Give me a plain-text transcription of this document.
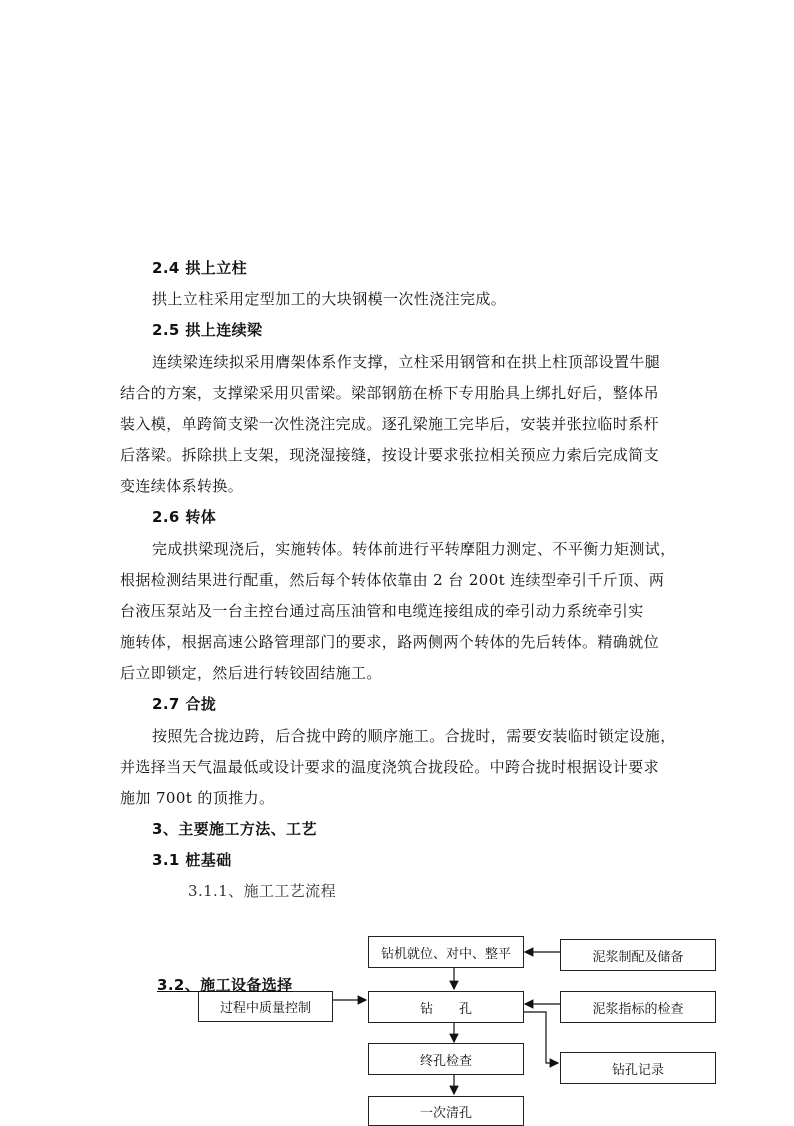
2.4 拱上立柱
拱上立柱采用定型加工的大块钢模一次性浇注完成。
2.5 拱上连续梁
连续梁连续拟采用膺架体系作支撑，立柱采用钢管和在拱上柱顶部设置牛腿
结合的方案，支撑梁采用贝雷梁。梁部钢筋在桥下专用胎具上绑扎好后，整体吊
装入模，单跨简支梁一次性浇注完成。逐孔梁施工完毕后，安装并张拉临时系杆
后落梁。拆除拱上支架，现浇湿接缝，按设计要求张拉相关预应力索后完成简支
变连续体系转换。
2.6 转体
完成拱梁现浇后，实施转体。转体前进行平转摩阻力测定、不平衡力矩测试，
根据检测结果进行配重，然后每个转体依靠由 2 台 200t 连续型牵引千斤顶、两
台液压泵站及一台主控台通过高压油管和电缆连接组成的牵引动力系统牵引实
施转体，根据高速公路管理部门的要求，路两侧两个转体的先后转体。精确就位
后立即锁定，然后进行转铰固结施工。
2.7 合拢
按照先合拢边跨，后合拢中跨的顺序施工。合拢时，需要安装临时锁定设施，
并选择当天气温最低或设计要求的温度浇筑合拢段砼。中跨合拢时根据设计要求
施加 700t 的顶推力。
3、主要施工方法、工艺
3.1 桩基础
3.1.1、施工工艺流程
钻机就位、对中、整平
钻　　孔
终孔检查
一次清孔
过程中质量控制
泥浆制配及储备
泥浆指标的检查
钻孔记录
3.2、施工设备选择
